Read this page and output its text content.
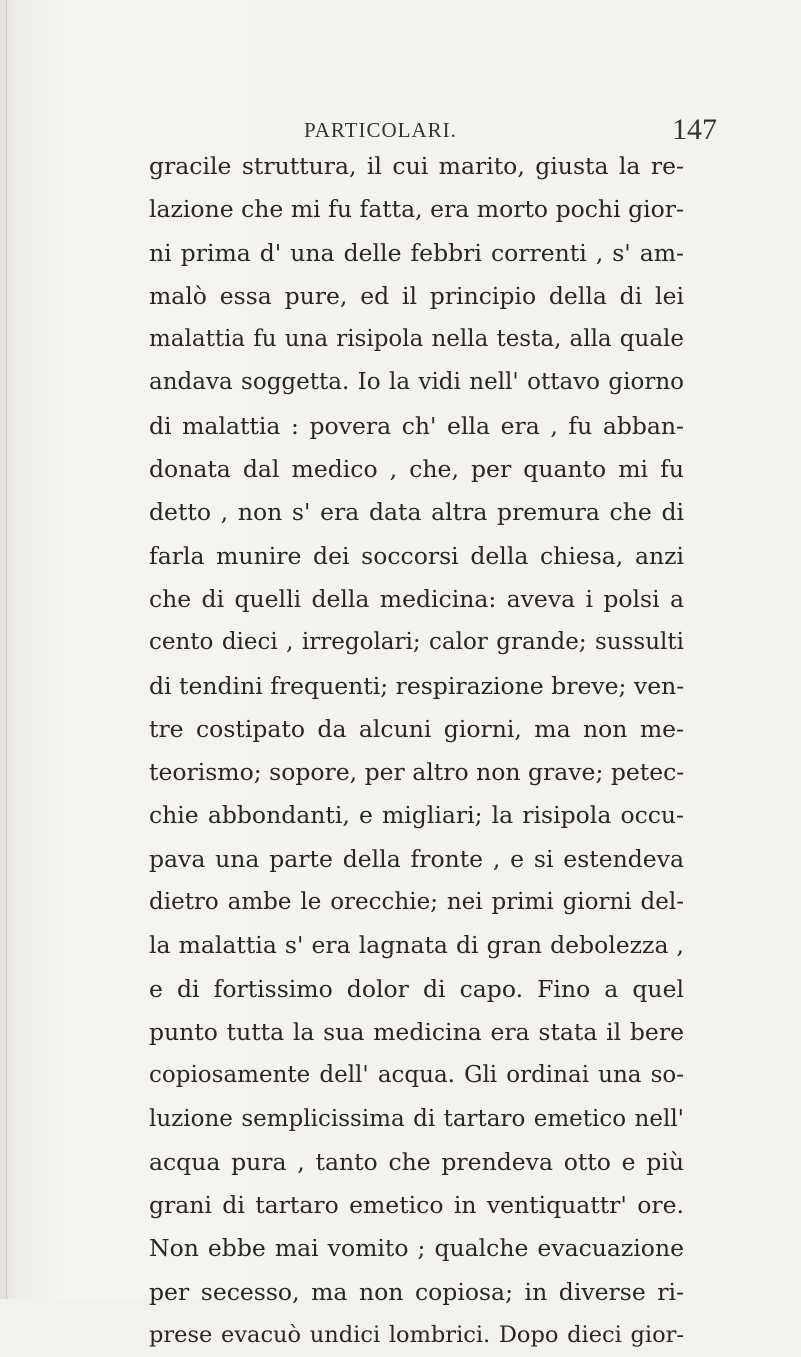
PARTICOLARI.	147
gracile struttura, il cui marito, giusta la re-
lazione che mi fu fatta, era morto pochi gior-
ni prima d' una delle febbri correnti , s' am-
malò essa pure, ed il principio della di lei
malattia fu una risipola nella testa, alla quale
andava soggetta. Io la vidi nell' ottavo giorno
di malattia : povera ch' ella era , fu abban-
donata dal medico , che, per quanto mi fu
detto , non s' era data altra premura che di
farla munire dei soccorsi della chiesa, anzi
che di quelli della medicina: aveva i polsi a
cento dieci , irregolari; calor grande; sussulti
di tendini frequenti; respirazione breve; ven-
tre costipato da alcuni giorni, ma non me-
teorismo; sopore, per altro non grave; petec-
chie abbondanti, e migliari; la risipola occu-
pava una parte della fronte , e si estendeva
dietro ambe le orecchie; nei primi giorni del-
la malattia s' era lagnata di gran debolezza ,
e di fortissimo dolor di capo. Fino a quel
punto tutta la sua medicina era stata il bere
copiosamente dell' acqua. Gli ordinai una so-
luzione semplicissima di tartaro emetico nell'
acqua pura , tanto che prendeva otto e più
grani di tartaro emetico in ventiquattr' ore.
Non ebbe mai vomito ; qualche evacuazione
per secesso, ma non copiosa; in diverse ri-
prese evacuò undici lombrici. Dopo dieci gior-
